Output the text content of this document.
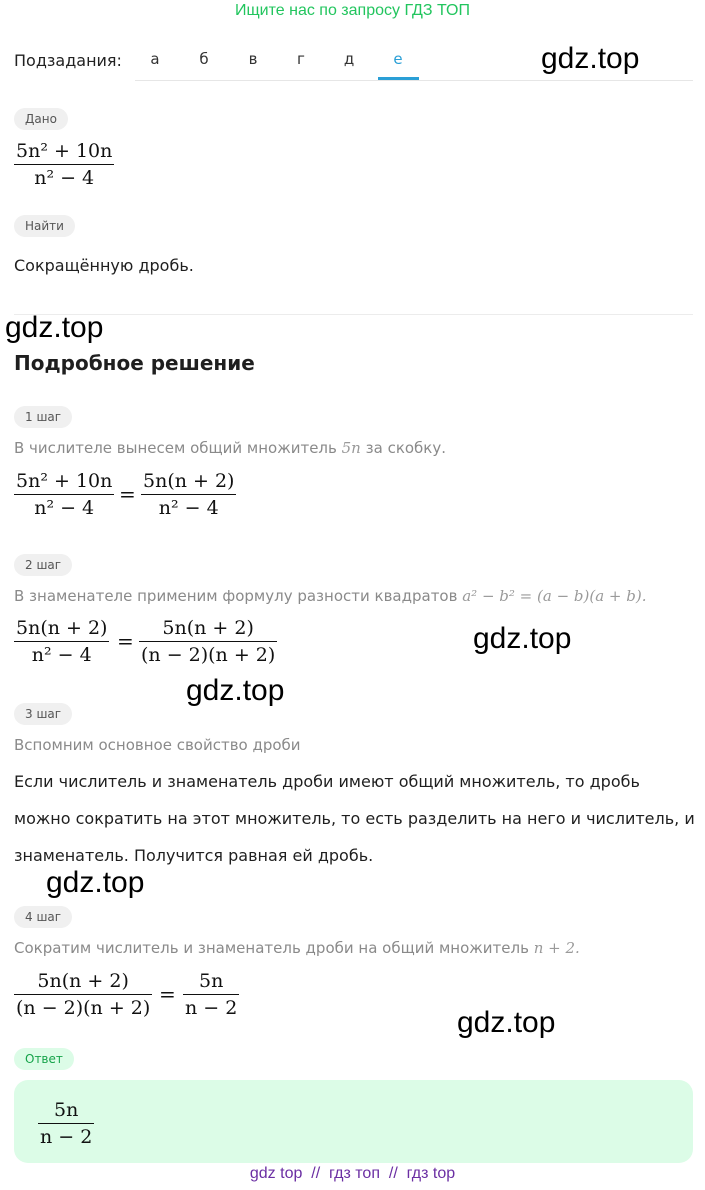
Ищите нас по запросу ГДЗ ТОП
Подзадания:	а	б	в	г	д	е	gdz.top
Дано
5n² + 10n
n² − 4
Найти
Сокращённую дробь.
gdz.top
Подробное решение
1 шаг
В числителе вынесем общий множитель 5n за скобку.
5n² + 10n
n² − 4
=
5n(n + 2)
n² − 4
2 шаг
В знаменателе применим формулу разности квадратов a² − b² = (a − b)(a + b).
5n(n + 2)
n² − 4
=
5n(n + 2)
(n − 2)(n + 2)	gdz.top
gdz.top
3 шаг
Вспомним основное свойство дроби
Если числитель и знаменатель дроби имеют общий множитель, то дробь
можно сократить на этот множитель, то есть разделить на него и числитель, и
знаменатель. Получится равная ей дробь.
gdz.top
4 шаг
Сократим числитель и знаменатель дроби на общий множитель n + 2.
5n(n + 2)
(n − 2)(n + 2)
=
5n
n − 2	gdz.top
Ответ
5n
n − 2
gdz top  //  гдз топ  //  гдз top
